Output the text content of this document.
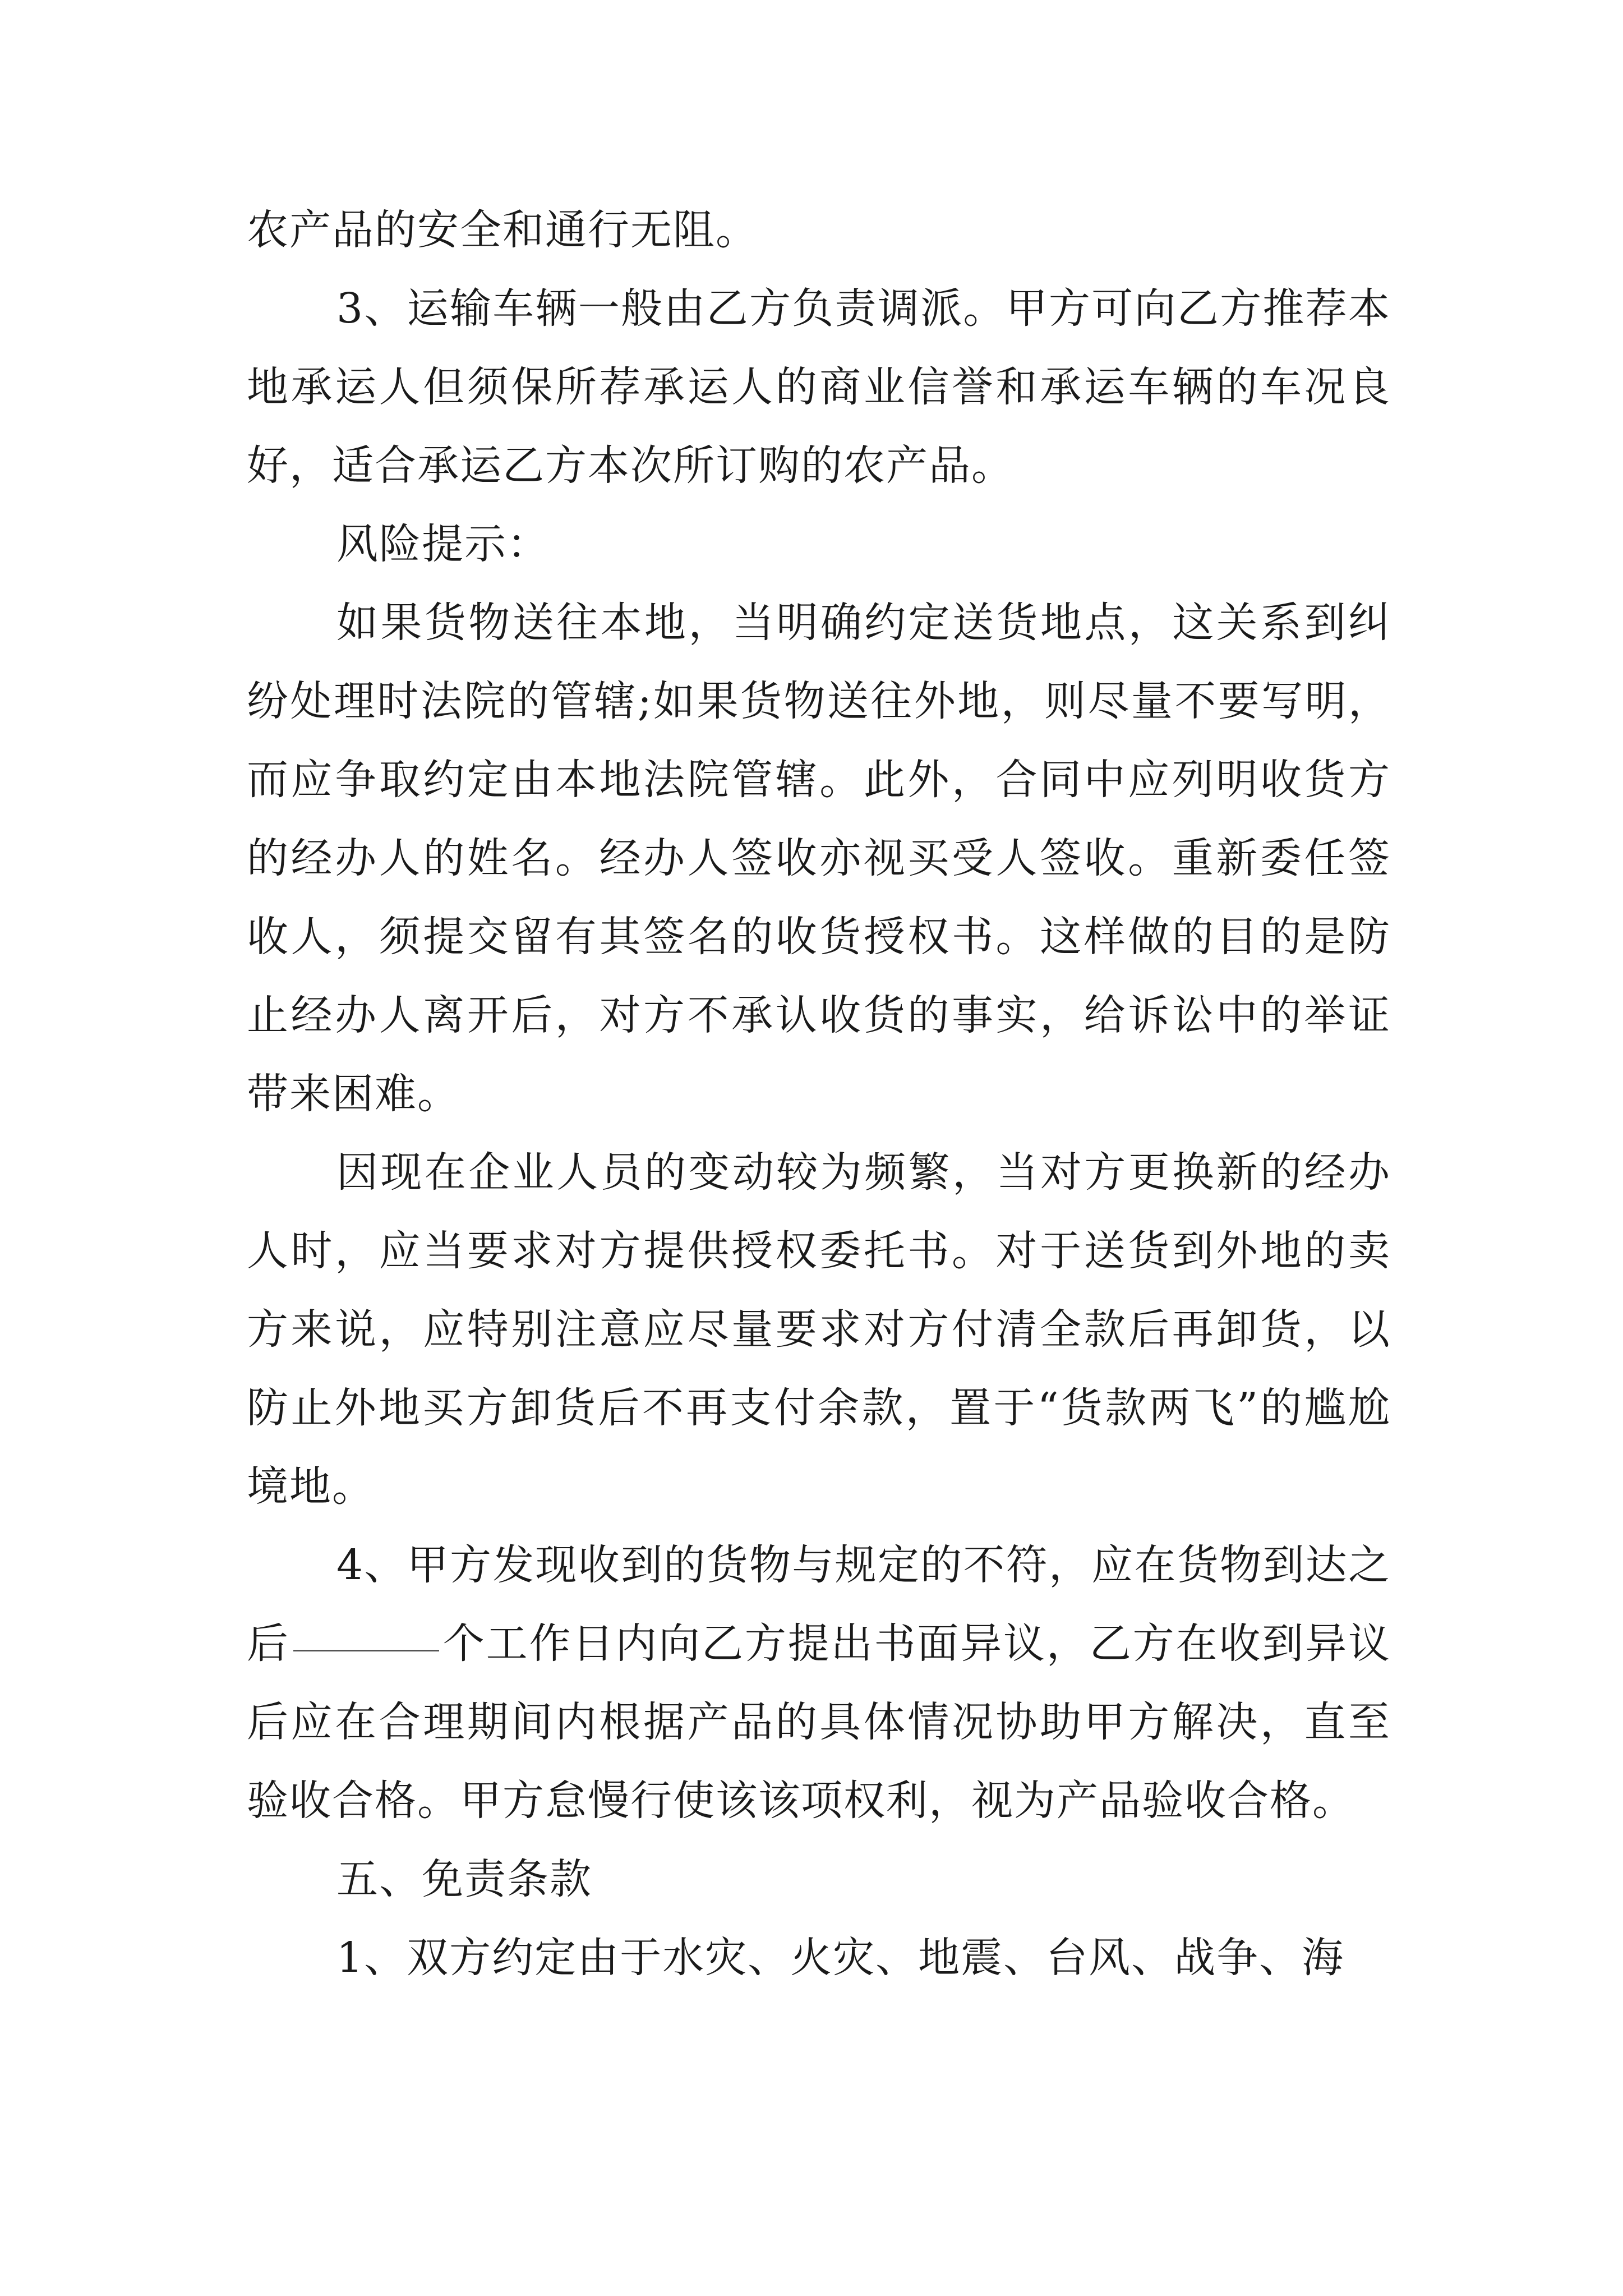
农产品的安全和通行无阻。

3、运输车辆一般由乙方负责调派。甲方可向乙方推荐本地承运人但须保所荐承运人的商业信誉和承运车辆的车况良好，适合承运乙方本次所订购的农产品。

风险提示：

如果货物送往本地，当明确约定送货地点，这关系到纠纷处理时法院的管辖;如果货物送往外地，则尽量不要写明，而应争取约定由本地法院管辖。此外，合同中应列明收货方的经办人的姓名。经办人签收亦视买受人签收。重新委任签收人，须提交留有其签名的收货授权书。这样做的目的是防止经办人离开后，对方不承认收货的事实，给诉讼中的举证带来困难。

因现在企业人员的变动较为频繁，当对方更换新的经办人时，应当要求对方提供授权委托书。对于送货到外地的卖方来说，应特别注意应尽量要求对方付清全款后再卸货，以防止外地买方卸货后不再支付余款，置于“货款两飞”的尴尬境地。

4、甲方发现收到的货物与规定的不符，应在货物到达之后	个工作日内向乙方提出书面异议，乙方在收到异议后应在合理期间内根据产品的具体情况协助甲方解决，直至验收合格。甲方怠慢行使该该项权利，视为产品验收合格。

五、免责条款

1、双方约定由于水灾、火灾、地震、台风、战争、海
